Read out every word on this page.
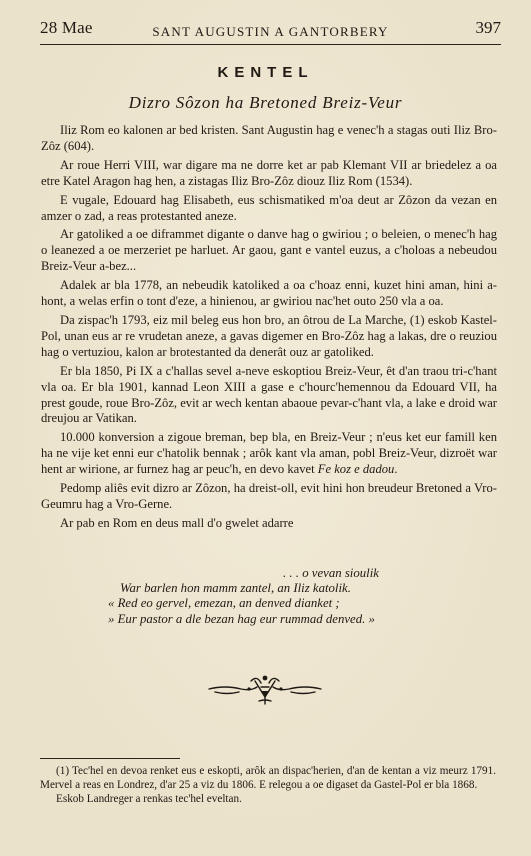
28 Mae	SANT AUGUSTIN A GANTORBERY	397
KENTEL
Dizro Sôzon ha Bretoned Breiz-Veur

Iliz Rom eo kalonen ar bed kristen. Sant Augustin hag e venec'h a stagas outi Iliz Bro-Zôz (604).

Ar roue Herri VIII, war digare ma ne dorre ket ar pab Klemant VII ar briedelez a oa etre Katel Aragon hag hen, a zistagas Iliz Bro-Zôz diouz Iliz Rom (1534).

E vugale, Edouard hag Elisabeth, eus schismatiked m'oa deut ar Zôzon da vezan en amzer o zad, a reas protestanted aneze.

Ar gatoliked a oe diframmet digante o danve hag o gwiriou ; o beleien, o menec'h hag o leanezed a oe merzeriet pe harluet. Ar gaou, gant e vantel euzus, a c'holoas a nebeudou Breiz-Veur a-bez...

Adalek ar bla 1778, an nebeudik katoliked a oa c'hoaz enni, kuzet hini aman, hini a-hont, a welas erfin o tont d'eze, a hinienou, ar gwiriou nac'het outo 250 vla a oa.

Da zispac'h 1793, eiz mil beleg eus hon bro, an ôtrou de La Marche, (1) eskob Kastel-Pol, unan eus ar re vrudetan aneze, a gavas digemer en Bro-Zôz hag a lakas, dre o reuziou hag o vertuziou, kalon ar brotestanted da denerât ouz ar gatoliked.

Er bla 1850, Pi IX a c'hallas sevel a-neve eskoptiou Breiz-Veur, êt d'an traou tri-c'hant vla oa. Er bla 1901, kannad Leon XIII a gase e c'hourc'hemennou da Edouard VII, ha prest goude, roue Bro-Zôz, evit ar wech kentan abaoue pevar-c'hant vla, a lake e droid war dreujou ar Vatikan.

10.000 konversion a zigoue breman, bep bla, en Breiz-Veur ; n'eus ket eur famill ken ha ne vije ket enni eur c'hatolik bennak ; arôk kant vla aman, pobl Breiz-Veur, dizroët war hent ar wirione, ar furnez hag ar peuc'h, en devo kavet Fe koz e dadou.

Pedomp aliês evit dizro ar Zôzon, ha dreist-oll, evit hini hon breudeur Bretoned a Vro-Geumru hag a Vro-Gerne.

Ar pab en Rom en deus mall d'o gwelet adarre

. . . o vevan sioulik
War barlen hon mamm zantel, an Iliz katolik.
« Red eo gervel, emezan, an denved dianket ;
» Eur pastor a dle bezan hag eur rummad denved. »

(1) Tec'hel en devoa renket eus e eskopti, arôk an dispac'herien, d'an de kentan a viz meurz 1791. Mervel a reas en Londrez, d'ar 25 a viz du 1806. E relegou a oe digaset da Gastel-Pol er bla 1868.

Eskob Landreger a renkas tec'hel eveltan.
